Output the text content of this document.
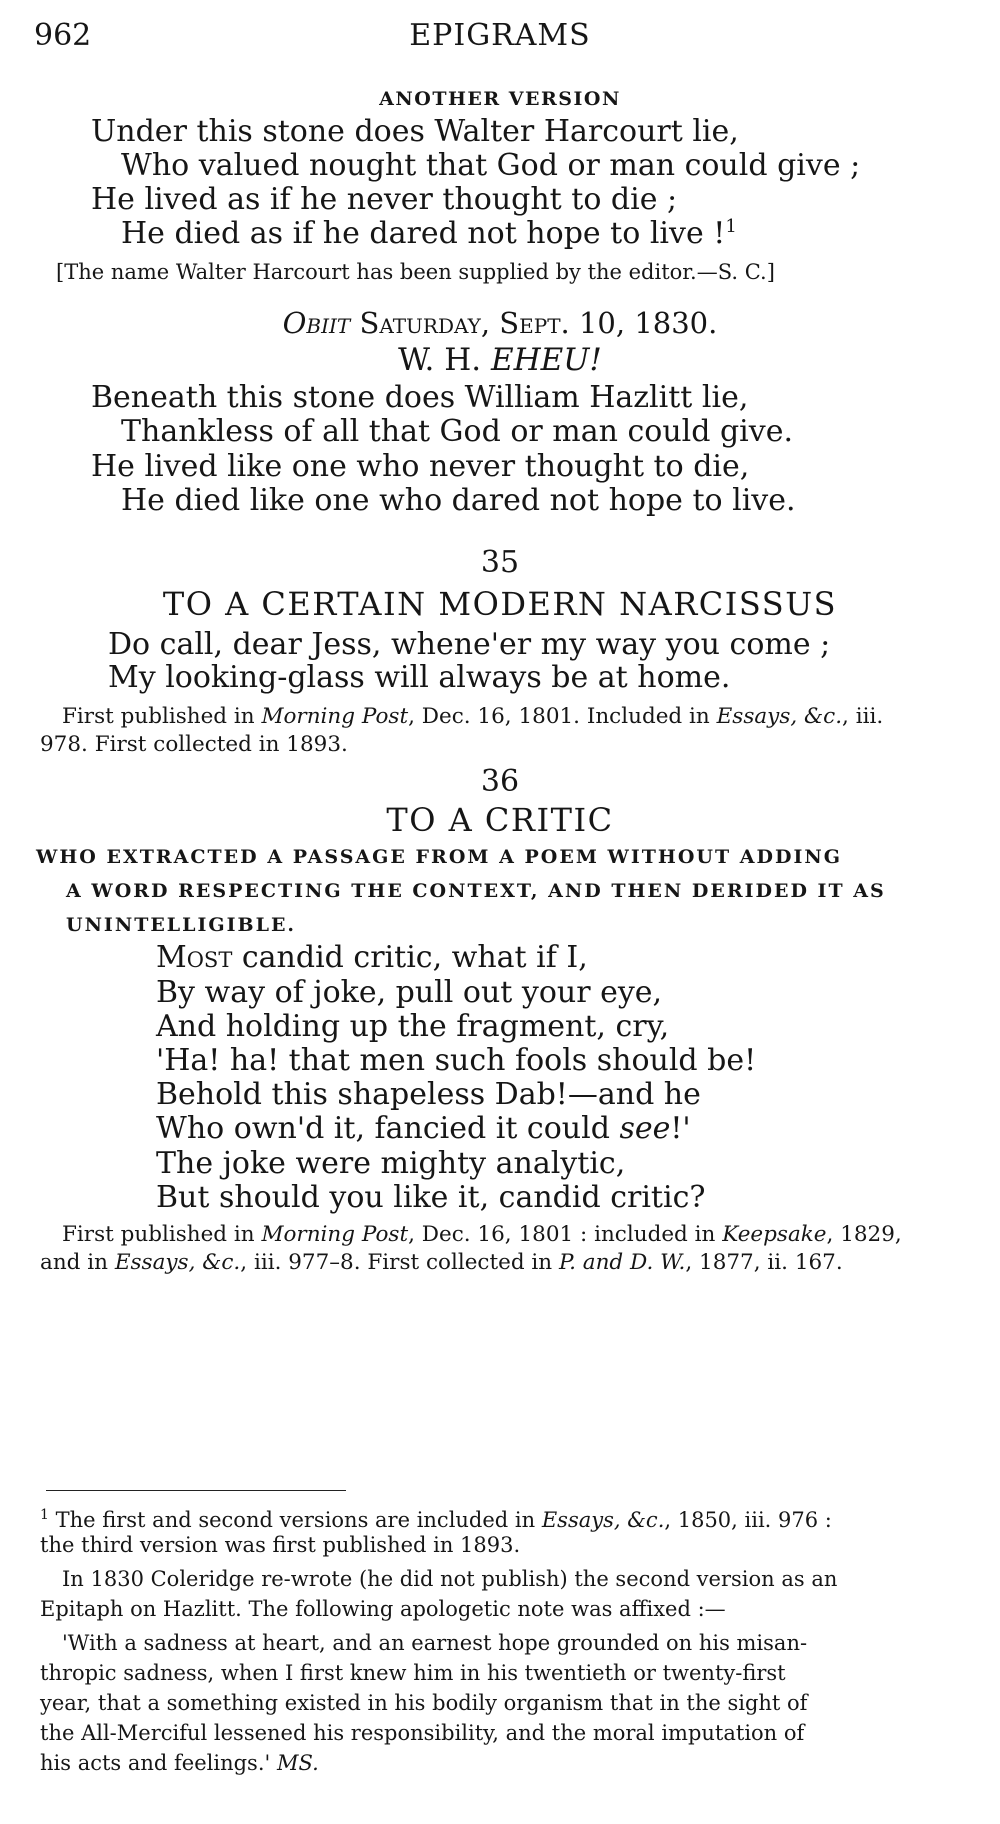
962	EPIGRAMS
ANOTHER VERSION
Under this stone does Walter Harcourt lie,
Who valued nought that God or man could give ;
He lived as if he never thought to die ;
He died as if he dared not hope to live !$^1$
[The name Walter Harcourt has been supplied by the editor.—S. C.]
Obiit Saturday, Sept. 10, 1830.
W. H. EHEU!
Beneath this stone does William Hazlitt lie,
Thankless of all that God or man could give.
He lived like one who never thought to die,
He died like one who dared not hope to live.
35
TO A CERTAIN MODERN NARCISSUS
Do call, dear Jess, whene'er my way you come ;
My looking-glass will always be at home.
First published in Morning Post, Dec. 16, 1801. Included in Essays, &c., iii.
978. First collected in 1893.
36
TO A CRITIC
WHO EXTRACTED A PASSAGE FROM A POEM WITHOUT ADDING
A WORD RESPECTING THE CONTEXT, AND THEN DERIDED IT AS
UNINTELLIGIBLE.
Most candid critic, what if I,
By way of joke, pull out your eye,
And holding up the fragment, cry,
'Ha! ha! that men such fools should be!
Behold this shapeless Dab!—and he
Who own'd it, fancied it could see!'
The joke were mighty analytic,
But should you like it, candid critic?
First published in Morning Post, Dec. 16, 1801 : included in Keepsake, 1829,
and in Essays, &c., iii. 977–8. First collected in P. and D. W., 1877, ii. 167.
$^1$ The first and second versions are included in Essays, &c., 1850, iii. 976 :
the third version was first published in 1893.
In 1830 Coleridge re-wrote (he did not publish) the second version as an
Epitaph on Hazlitt. The following apologetic note was affixed :—
'With a sadness at heart, and an earnest hope grounded on his misan-
thropic sadness, when I first knew him in his twentieth or twenty-first
year, that a something existed in his bodily organism that in the sight of
the All-Merciful lessened his responsibility, and the moral imputation of
his acts and feelings.' MS.
